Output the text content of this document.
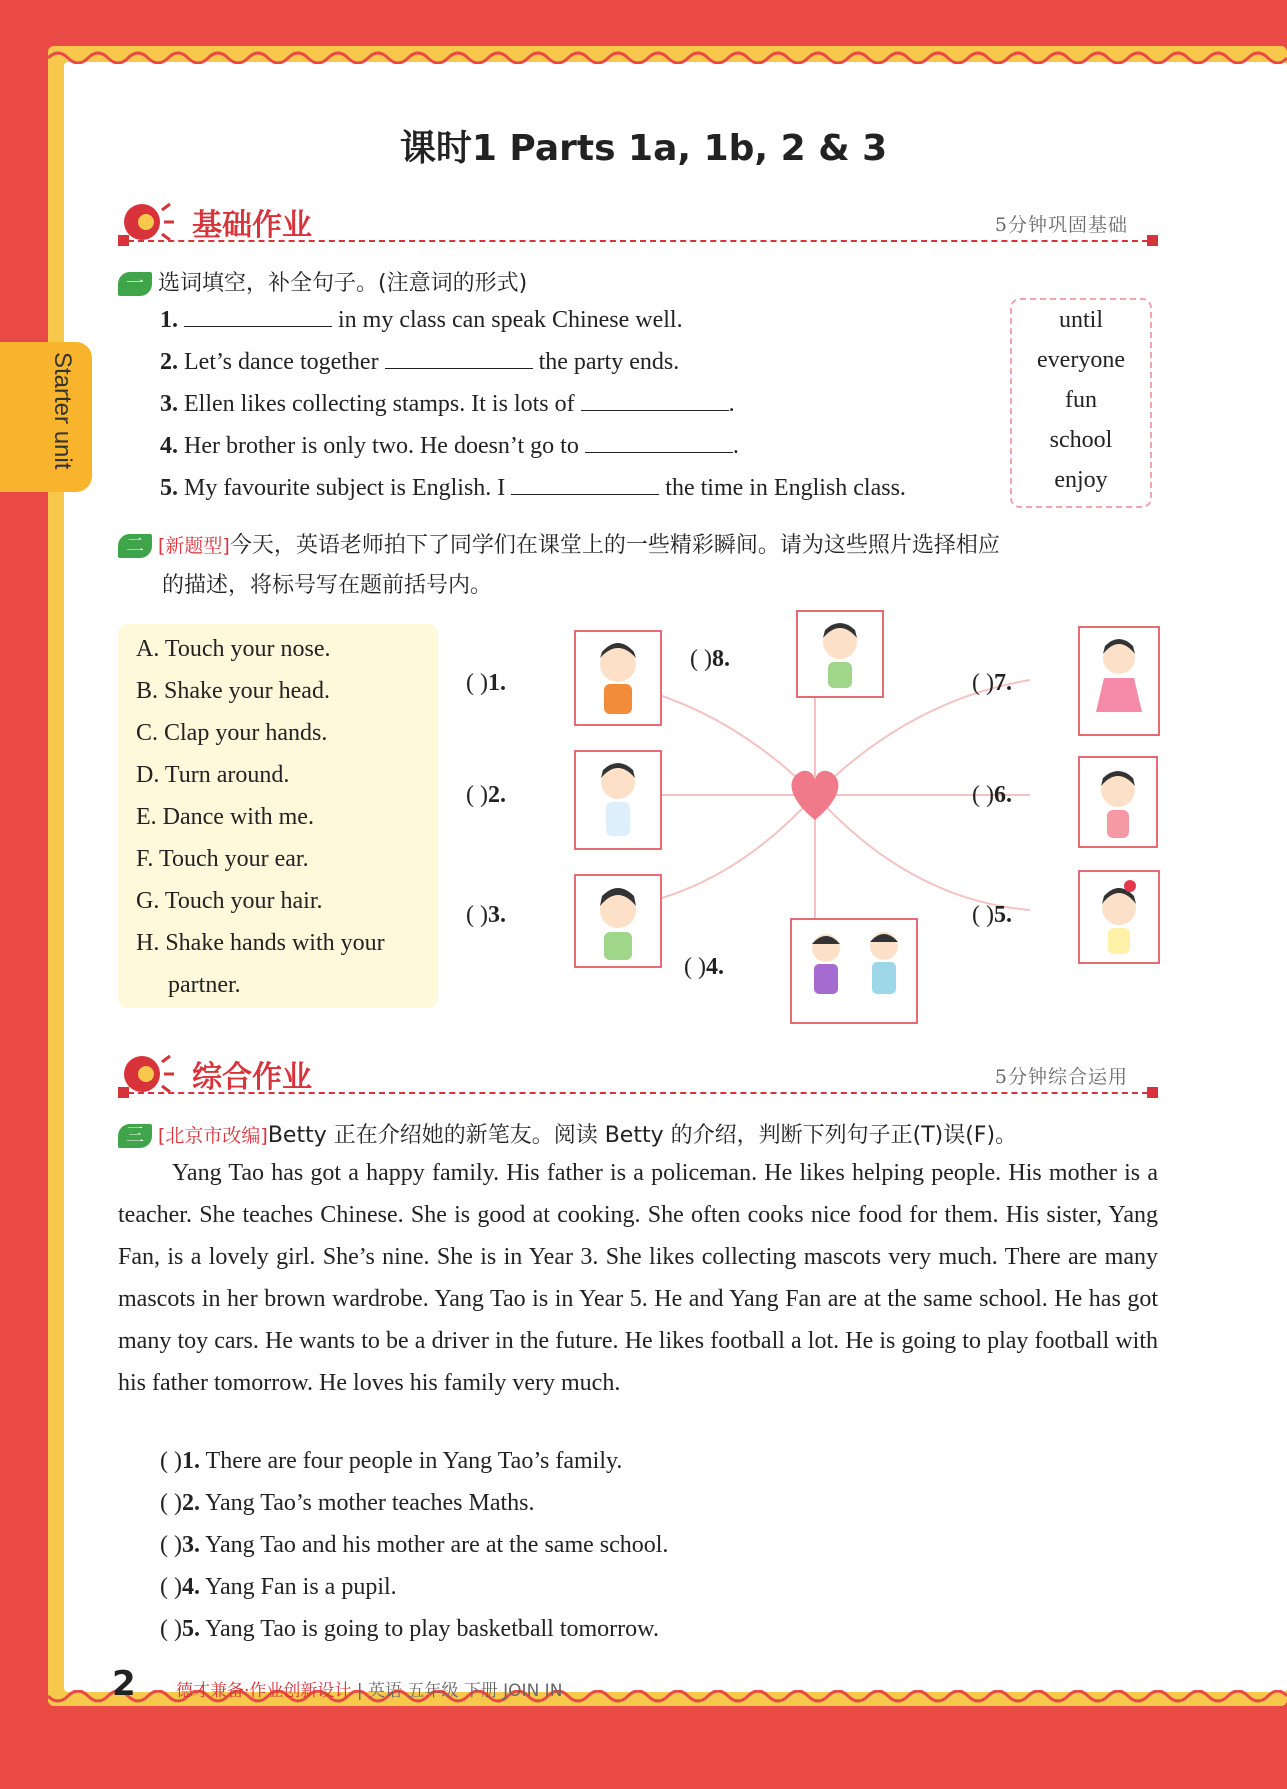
Starter unit
课时1 Parts 1a, 1b, 2 & 3
基础作业	5分钟巩固基础
一 选词填空，补全句子。(注意词的形式)
1.	in my class can speak Chinese well.
2. Let’s dance together	the party ends.
3. Ellen likes collecting stamps. It is lots of	.
4. Her brother is only two. He doesn’t go to	.
5. My favourite subject is English. I	the time in English class.
until
everyone
fun
school
enjoy
二 [新题型]今天，英语老师拍下了同学们在课堂上的一些精彩瞬间。请为这些照片选择相应
的描述，将标号写在题前括号内。
A. Touch your nose.
B. Shake your head.
C. Clap your hands.
D. Turn around.
E. Dance with me.
F. Touch your ear.
G. Touch your hair.
H. Shake hands with your
partner.
( )1.
( )2.
( )3.
( )4.
( )5.
( )6.
( )7.
( )8.
综合作业	5分钟综合运用
三 [北京市改编]Betty 正在介绍她的新笔友。阅读 Betty 的介绍，判断下列句子正(T)误(F)。
Yang Tao has got a happy family. His father is a policeman. He likes helping people. His mother is a teacher. She teaches Chinese. She is good at cooking. She often cooks nice food for them. His sister, Yang Fan, is a lovely girl. She’s nine. She is in Year 3. She likes collecting mascots very much. There are many mascots in her brown wardrobe. Yang Tao is in Year 5. He and Yang Fan are at the same school. He has got many toy cars. He wants to be a driver in the future. He likes football a lot. He is going to play football with his father tomorrow. He loves his family very much.
( )1. There are four people in Yang Tao’s family.
( )2. Yang Tao’s mother teaches Maths.
( )3. Yang Tao and his mother are at the same school.
( )4. Yang Fan is a pupil.
( )5. Yang Tao is going to play basketball tomorrow.
2 德才兼备·作业创新设计 | 英语 五年级 下册 JOIN IN
